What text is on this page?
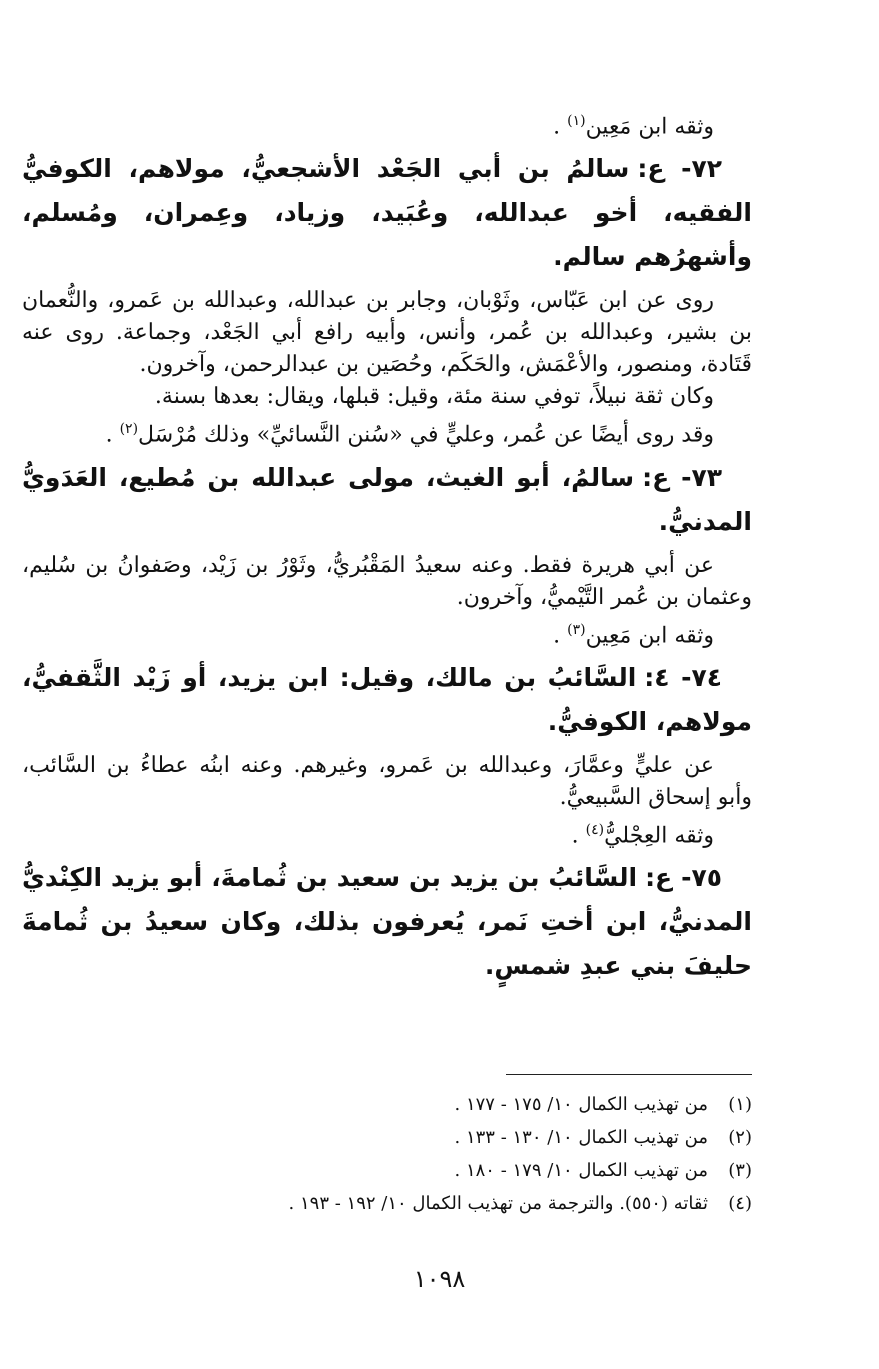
وثقه ابن مَعِين$^{(١)}$ .

٧٢- ع:سالمُ بن أبي الجَعْد الأشجعيُّ، مولاهم، الكوفيُّ الفقيه، أخو عبدالله، وعُبَيد، وزياد، وعِمران، ومُسلم، وأشهرُهم سالم.

روى عن ابن عَبّاس، وثَوْبان، وجابر بن عبدالله، وعبدالله بن عَمرو، والنُّعمان بن بشير، وعبدالله بن عُمر، وأنس، وأبيه رافع أبي الجَعْد، وجماعة. روى عنه قَتَادة، ومنصور، والأعْمَش، والحَكَم، وحُصَين بن عبدالرحمن، وآخرون.

وكان ثقة نبيلاً، توفي سنة مئة، وقيل: قبلها، ويقال: بعدها بسنة.

وقد روى أيضًا عن عُمر، وعليٍّ في «سُنن النَّسائيِّ» وذلك مُرْسَل$^{(٢)}$ .

٧٣- ع:سالمُ، أبو الغيث، مولى عبدالله بن مُطيع، العَدَويُّ المدنيُّ.

عن أبي هريرة فقط. وعنه سعيدُ المَقْبُريُّ، وثَوْرُ بن زَيْد، وصَفوانُ بن سُليم، وعثمان بن عُمر التَّيْميُّ، وآخرون.

وثقه ابن مَعِين$^{(٣)}$ .

٧٤- ٤:السَّائبُ بن مالك، وقيل: ابن يزيد، أو زَيْد الثَّقفيُّ، مولاهم، الكوفيُّ.

عن عليٍّ وعمَّارَ، وعبدالله بن عَمرو، وغيرهم. وعنه ابنُه عطاءُ بن السَّائب، وأبو إسحاق السَّبيعيُّ.

وثقه العِجْليُّ$^{(٤)}$ .

٧٥- ع:السَّائبُ بن يزيد بن سعيد بن ثُمامةَ، أبو يزيد الكِنْديُّ المدنيُّ، ابن أختِ نَمر، يُعرفون بذلك، وكان سعيدُ بن ثُمامةَ حليفَ بني عبدِ شمسٍ.

(١)
من تهذيب الكمال ١٠/ ١٧٥ - ١٧٧ .
(٢)
من تهذيب الكمال ١٠/ ١٣٠ - ١٣٣ .
(٣)
من تهذيب الكمال ١٠/ ١٧٩ - ١٨٠ .
(٤)
ثقاته (٥٥٠). والترجمة من تهذيب الكمال ١٠/ ١٩٢ - ١٩٣ .
١٠٩٨
